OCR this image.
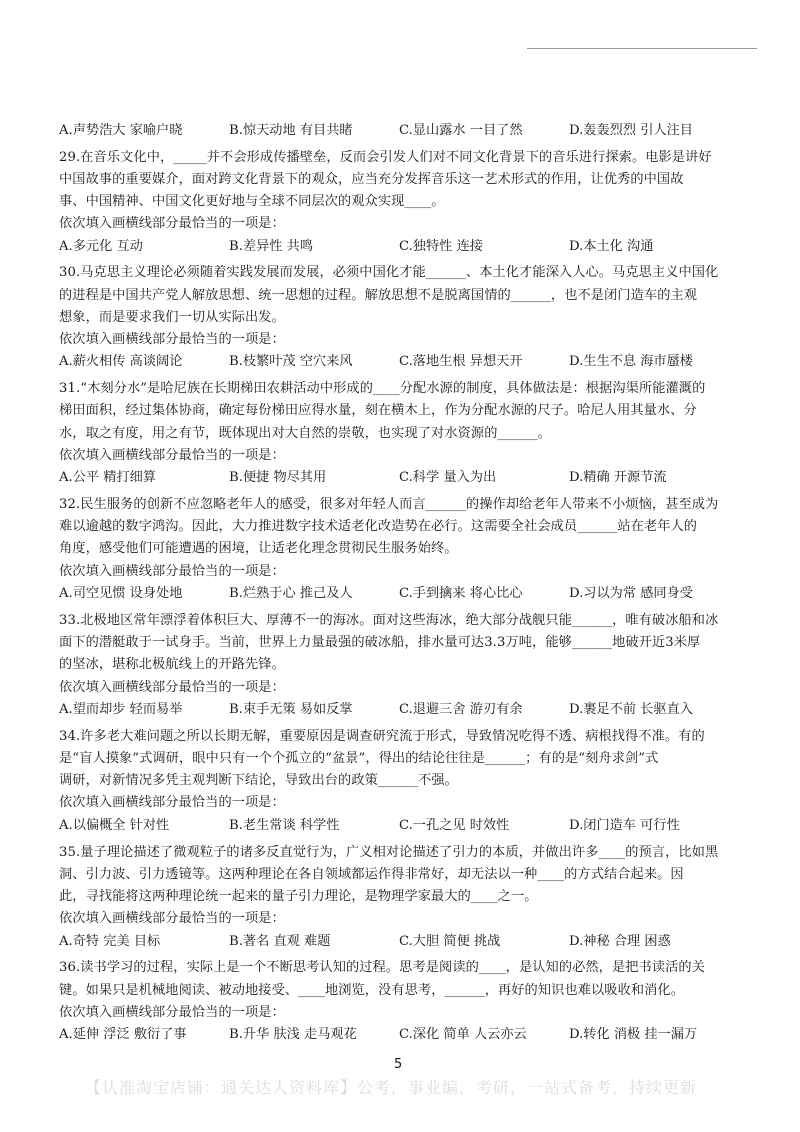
A.声势浩大 家喻户晓	B.惊天动地 有目共睹	C.显山露水 一目了然	D.轰轰烈烈 引人注目
29.在音乐文化中，_____并不会形成传播壁垒，反而会引发人们对不同文化背景下的音乐进行探索。电影是讲好
中国故事的重要媒介，面对跨文化背景下的观众，应当充分发挥音乐这一艺术形式的作用，让优秀的中国故
事、中国精神、中国文化更好地与全球不同层次的观众实现____。
依次填入画横线部分最恰当的一项是：
A.多元化 互动	B.差异性 共鸣	C.独特性 连接	D.本土化 沟通
30.马克思主义理论必须随着实践发展而发展，必须中国化才能______、本土化才能深入人心。马克思主义中国化
的进程是中国共产党人解放思想、统一思想的过程。解放思想不是脱离国情的______，也不是闭门造车的主观
想象，而是要求我们一切从实际出发。
依次填入画横线部分最恰当的一项是：
A.薪火相传 高谈阔论	B.枝繁叶茂 空穴来风	C.落地生根 异想天开	D.生生不息 海市蜃楼
31.“木刻分水”是哈尼族在长期梯田农耕活动中形成的____分配水源的制度，具体做法是：根据沟渠所能灌溉的
梯田面积，经过集体协商，确定每份梯田应得水量，刻在横木上，作为分配水源的尺子。哈尼人用其量水、分
水，取之有度，用之有节，既体现出对大自然的崇敬，也实现了对水资源的______。
依次填入画横线部分最恰当的一项是：
A.公平 精打细算	B.便捷 物尽其用	C.科学 量入为出	D.精确 开源节流
32.民生服务的创新不应忽略老年人的感受，很多对年轻人而言______的操作却给老年人带来不小烦恼，甚至成为
难以逾越的数字鸿沟。因此，大力推进数字技术适老化改造势在必行。这需要全社会成员______站在老年人的
角度，感受他们可能遭遇的困境，让适老化理念贯彻民生服务始终。
依次填入画横线部分最恰当的一项是：
A.司空见惯 设身处地	B.烂熟于心 推己及人	C.手到擒来 将心比心	D.习以为常 感同身受
33.北极地区常年漂浮着体积巨大、厚薄不一的海冰。面对这些海冰，绝大部分战舰只能______，唯有破冰船和冰
面下的潜艇敢于一试身手。当前，世界上力量最强的破冰船，排水量可达3.3万吨，能够______地破开近3米厚
的坚冰，堪称北极航线上的开路先锋。
依次填入画横线部分最恰当的一项是：
A.望而却步 轻而易举	B.束手无策 易如反掌	C.退避三舍 游刃有余	D.裹足不前 长驱直入
34.许多老大难问题之所以长期无解，重要原因是调查研究流于形式，导致情况吃得不透、病根找得不准。有的
是“盲人摸象”式调研，眼中只有一个个孤立的“盆景”，得出的结论往往是______；有的是“刻舟求剑”式
调研，对新情况多凭主观判断下结论，导致出台的政策______不强。
依次填入画横线部分最恰当的一项是：
A.以偏概全 针对性	B.老生常谈 科学性	C.一孔之见 时效性	D.闭门造车 可行性
35.量子理论描述了微观粒子的诸多反直觉行为，广义相对论描述了引力的本质，并做出许多____的预言，比如黑
洞、引力波、引力透镜等。这两种理论在各自领域都运作得非常好，却无法以一种____的方式结合起来。因
此，寻找能将这两种理论统一起来的量子引力理论，是物理学家最大的____之一。
依次填入画横线部分最恰当的一项是：
A.奇特 完美 目标	B.著名 直观 难题	C.大胆 简便 挑战	D.神秘 合理 困惑
36.读书学习的过程，实际上是一个不断思考认知的过程。思考是阅读的____，是认知的必然，是把书读活的关
键。如果只是机械地阅读、被动地接受、____地浏览，没有思考，______，再好的知识也难以吸收和消化。
依次填入画横线部分最恰当的一项是：
A.延伸 浮泛 敷衍了事	B.升华 肤浅 走马观花	C.深化 简单 人云亦云	D.转化 消极 挂一漏万
5
【认准淘宝店铺：通关达人资料库】公考，事业编，考研，一站式备考，持续更新
